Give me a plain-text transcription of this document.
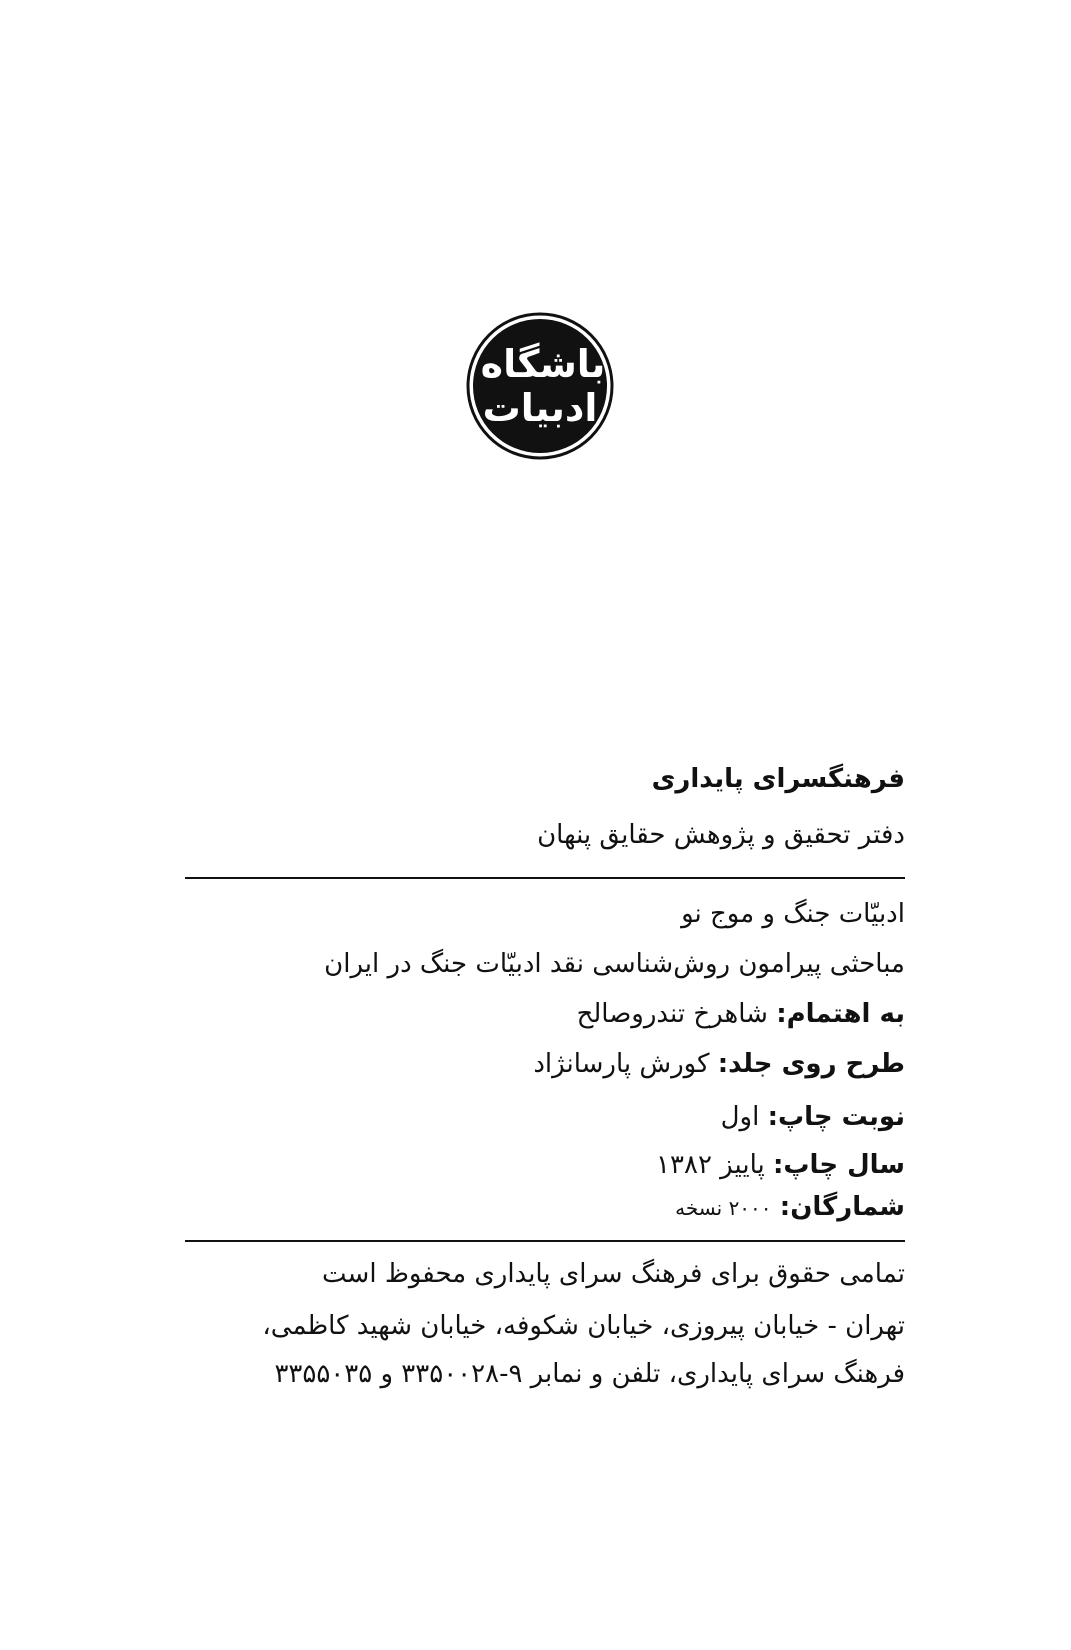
باشگاه
ادبیات
فرهنگسرای پایداری
دفتر تحقیق و پژوهش حقایق پنهان
ادبیّات جنگ و موج نو
مباحثی پیرامون روش‌شناسی نقد ادبیّات جنگ در ایران
به اهتمام: شاهرخ تندروصالح
طرح روی جلد: کورش پارسانژاد
نوبت چاپ: اول
سال چاپ: پاییز ۱۳۸۲
شمارگان: ۲۰۰۰ نسخه
تمامی حقوق برای فرهنگ سرای پایداری محفوظ است
تهران - خیابان پیروزی، خیابان شکوفه، خیابان شهید کاظمی،
فرهنگ سرای پایداری، تلفن و نمابر ۹-۳۳۵۰۰۲۸ و ۳۳۵۵۰۳۵
